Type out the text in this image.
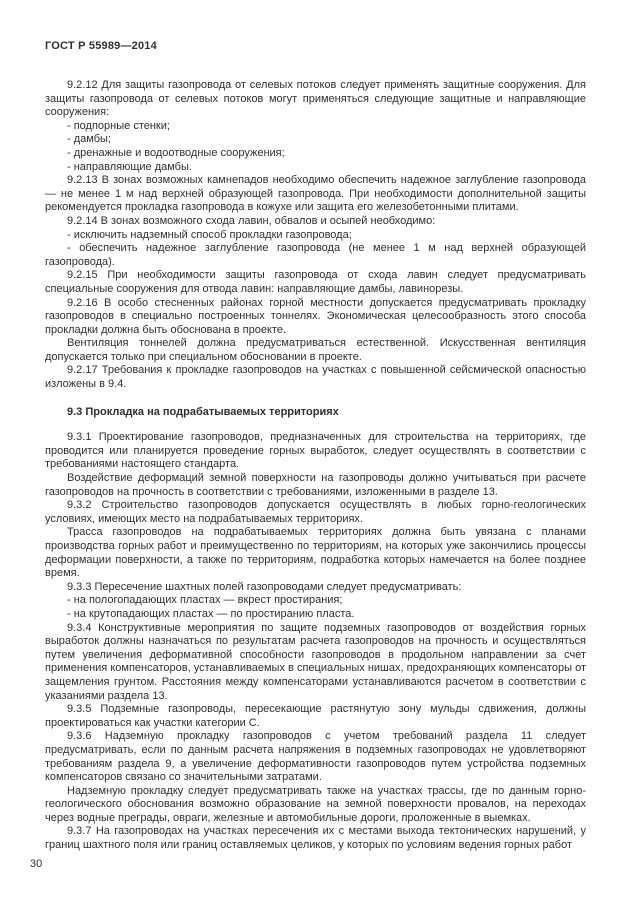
ГОСТ Р 55989—2014

9.2.12 Для защиты газопровода от селевых потоков следует применять защитные сооружения. Для защиты газопровода от селевых потоков могут применяться следующие защитные и направляющие сооружения:

- подпорные стенки;

- дамбы;

- дренажные и водоотводные сооружения;

- направляющие дамбы.

9.2.13 В зонах возможных камнепадов необходимо обеспечить надежное заглубление газопровода — не менее 1 м над верхней образующей газопровода. При необходимости дополнительной защиты рекомендуется прокладка газопровода в кожухе или защита его железобетонными плитами.

9.2.14 В зонах возможного схода лавин, обвалов и осыпей необходимо:

- исключить надземный способ прокладки газопровода;

- обеспечить надежное заглубление газопровода (не менее 1 м над верхней образующей газопровода).

9.2.15 При необходимости защиты газопровода от схода лавин следует предусматривать специальные сооружения для отвода лавин: направляющие дамбы, лавинорезы.

9.2.16 В особо стесненных районах горной местности допускается предусматривать прокладку газопроводов в специально построенных тоннелях. Экономическая целесообразность этого способа прокладки должна быть обоснована в проекте.

Вентиляция тоннелей должна предусматриваться естественной. Искусственная вентиляция допускается только при специальном обосновании в проекте.

9.2.17 Требования к прокладке газопроводов на участках с повышенной сейсмической опасностью изложены в 9.4.

9.3 Прокладка на подрабатываемых территориях

9.3.1 Проектирование газопроводов, предназначенных для строительства на территориях, где проводится или планируется проведение горных выработок, следует осуществлять в соответствии с требованиями настоящего стандарта.

Воздействие деформаций земной поверхности на газопроводы должно учитываться при расчете газопроводов на прочность в соответствии с требованиями, изложенными в разделе 13.

9.3.2 Строительство газопроводов допускается осуществлять в любых горно-геологических условиях, имеющих место на подрабатываемых территориях.

Трасса газопроводов на подрабатываемых территориях должна быть увязана с планами производства горных работ и преимущественно по территориям, на которых уже закончились процессы деформации поверхности, а также по территориям, подработка которых намечается на более позднее время.

9.3.3 Пересечение шахтных полей газопроводами следует предусматривать:

- на пологопадающих пластах — вкрест простирания;

- на крутопадающих пластах — по простиранию пласта.

9.3.4 Конструктивные мероприятия по защите подземных газопроводов от воздействия горных выработок должны назначаться по результатам расчета газопроводов на прочность и осуществляться путем увеличения деформативной способности газопроводов в продольном направлении за счет применения компенсаторов, устанавливаемых в специальных нишах, предохраняющих компенсаторы от защемления грунтом. Расстояния между компенсаторами устанавливаются расчетом в соответствии с указаниями раздела 13.

9.3.5 Подземные газопроводы, пересекающие растянутую зону мульды сдвижения, должны проектироваться как участки категории С.

9.3.6 Надземную прокладку газопроводов с учетом требований раздела 11 следует предусматривать, если по данным расчета напряжения в подземных газопроводах не удовлетворяют требованиям раздела 9, а увеличение деформативности газопроводов путем устройства подземных компенсаторов связано со значительными затратами.

Надземную прокладку следует предусматривать также на участках трассы, где по данным горно-геологического обоснования возможно образование на земной поверхности провалов, на переходах через водные преграды, овраги, железные и автомобильные дороги, проложенные в выемках.

9.3.7 На газопроводах на участках пересечения их с местами выхода тектонических нарушений, у границ шахтного поля или границ оставляемых целиков, у которых по условиям ведения горных работ

30
